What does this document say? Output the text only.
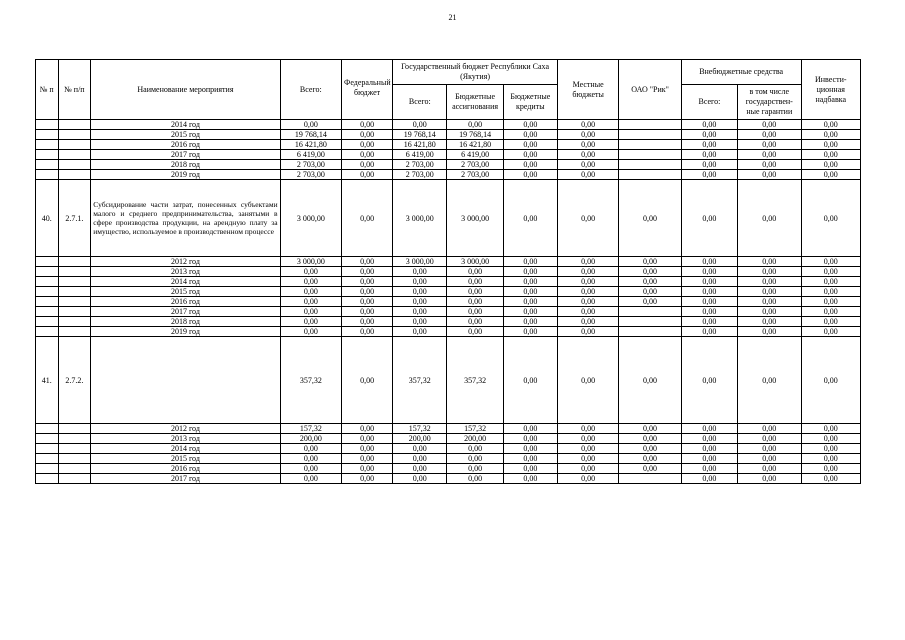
21
№ п	№ п/п	Наименование мероприятия	Всего:	Федеральный бюджет	Государственный бюджет Республики Саха (Якутия)			Местные бюджеты	ОАО "Рик"	Внебюджетные средства		Инвести-ционная надбавка
					Всего:	Бюджетные ассигнования	Бюджетные кредиты			Всего:	в том числе государствен-ные гарантии	
		2014 год	0,00	0,00	0,00	0,00	0,00	0,00		0,00	0,00	0,00
		2015 год	19 768,14	0,00	19 768,14	19 768,14	0,00	0,00		0,00	0,00	0,00
		2016 год	16 421,80	0,00	16 421,80	16 421,80	0,00	0,00		0,00	0,00	0,00
		2017 год	6 419,00	0,00	6 419,00	6 419,00	0,00	0,00		0,00	0,00	0,00
		2018 год	2 703,00	0,00	2 703,00	2 703,00	0,00	0,00		0,00	0,00	0,00
		2019 год	2 703,00	0,00	2 703,00	2 703,00	0,00	0,00		0,00	0,00	0,00
40.	2.7.1.	Субсидирование части затрат, понесенных субъектами малого и среднего предпринимательства, занятыми в сфере производства продукции, на арендную плату за имущество, используемое в производственном процессе	3 000,00	0,00	3 000,00	3 000,00	0,00	0,00	0,00	0,00	0,00	0,00
		2012 год	3 000,00	0,00	3 000,00	3 000,00	0,00	0,00	0,00	0,00	0,00	0,00
		2013 год	0,00	0,00	0,00	0,00	0,00	0,00	0,00	0,00	0,00	0,00
		2014 год	0,00	0,00	0,00	0,00	0,00	0,00	0,00	0,00	0,00	0,00
		2015 год	0,00	0,00	0,00	0,00	0,00	0,00	0,00	0,00	0,00	0,00
		2016 год	0,00	0,00	0,00	0,00	0,00	0,00	0,00	0,00	0,00	0,00
		2017 год	0,00	0,00	0,00	0,00	0,00	0,00		0,00	0,00	0,00
		2018 год	0,00	0,00	0,00	0,00	0,00	0,00		0,00	0,00	0,00
		2019 год	0,00	0,00	0,00	0,00	0,00	0,00		0,00	0,00	0,00
41.	2.7.2.		357,32	0,00	357,32	357,32	0,00	0,00	0,00	0,00	0,00	0,00
		2012 год	157,32	0,00	157,32	157,32	0,00	0,00	0,00	0,00	0,00	0,00
		2013 год	200,00	0,00	200,00	200,00	0,00	0,00	0,00	0,00	0,00	0,00
		2014 год	0,00	0,00	0,00	0,00	0,00	0,00	0,00	0,00	0,00	0,00
		2015 год	0,00	0,00	0,00	0,00	0,00	0,00	0,00	0,00	0,00	0,00
		2016 год	0,00	0,00	0,00	0,00	0,00	0,00	0,00	0,00	0,00	0,00
		2017 год	0,00	0,00	0,00	0,00	0,00	0,00		0,00	0,00	0,00
